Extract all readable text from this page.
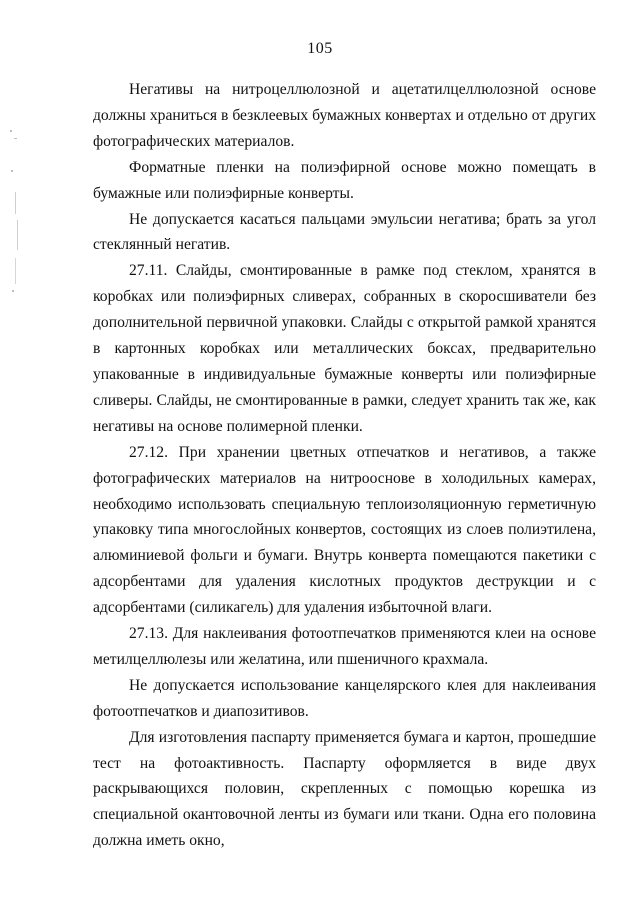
105

Негативы на нитроцеллюлозной и ацетатилцеллюлозной основе должны храниться в безклеевых бумажных конвертах и отдельно от других фотографических материалов.

Форматные пленки на полиэфирной основе можно помещать в бумажные или полиэфирные конверты.

Не допускается касаться пальцами эмульсии негатива; брать за угол стеклянный негатив.

27.11. Слайды, смонтированные в рамке под стеклом, хранятся в коробках или полиэфирных сливерах, собранных в скоросшиватели без дополнительной первичной упаковки. Слайды с открытой рамкой хранятся в картонных коробках или металлических боксах, предварительно упакованные в индивидуальные бумажные конверты или полиэфирные сливеры. Слайды, не смонтированные в рамки, следует хранить так же, как негативы на основе полимерной пленки.

27.12. При хранении цветных отпечатков и негативов, а также фотографических материалов на нитрооснове в холодильных камерах, необходимо использовать специальную теплоизоляционную герметичную упаковку типа многослойных конвертов, состоящих из слоев полиэтилена, алюминиевой фольги и бумаги. Внутрь конверта помещаются пакетики с адсорбентами для удаления кислотных продуктов деструкции и с адсорбентами (силикагель) для удаления избыточной влаги.

27.13. Для наклеивания фотоотпечатков применяются клеи на основе метилцеллюлезы или желатина, или пшеничного крахмала.

Не допускается использование канцелярского клея для наклеивания фотоотпечатков и диапозитивов.

Для изготовления паспарту применяется бумага и картон, прошедшие тест на фотоактивность. Паспарту оформляется в виде двух раскрывающихся половин, скрепленных с помощью корешка из специальной окантовочной ленты из бумаги или ткани. Одна его половина должна иметь окно,
